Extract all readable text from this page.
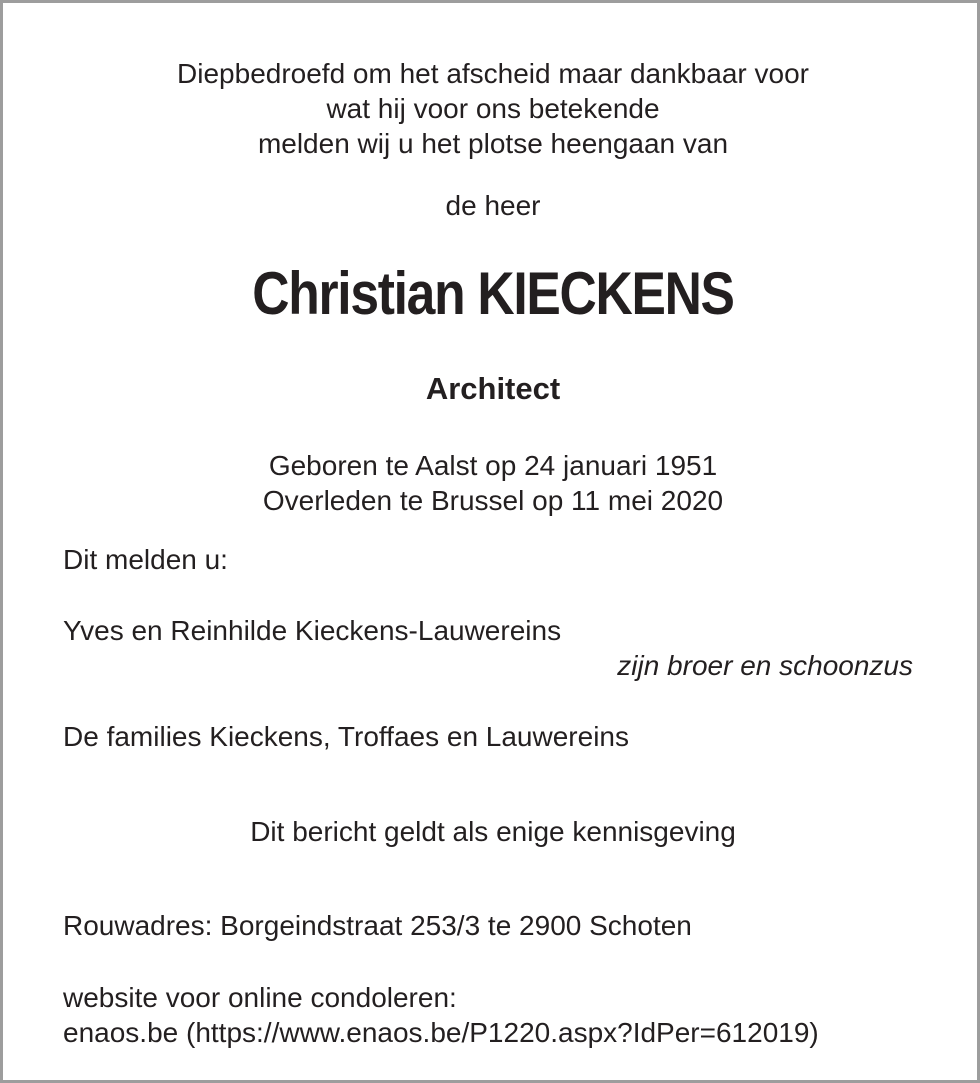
Diepbedroefd om het afscheid maar dankbaar voor
wat hij voor ons betekende
melden wij u het plotse heengaan van
de heer
Christian KIECKENS
Architect
Geboren te Aalst op 24 januari 1951
Overleden te Brussel op 11 mei 2020
Dit melden u:
Yves en Reinhilde Kieckens-Lauwereins
zijn broer en schoonzus
De families Kieckens, Troffaes en Lauwereins
Dit bericht geldt als enige kennisgeving
Rouwadres: Borgeindstraat 253/3 te 2900 Schoten
website voor online condoleren:
enaos.be (https://www.enaos.be/P1220.aspx?IdPer=612019)
